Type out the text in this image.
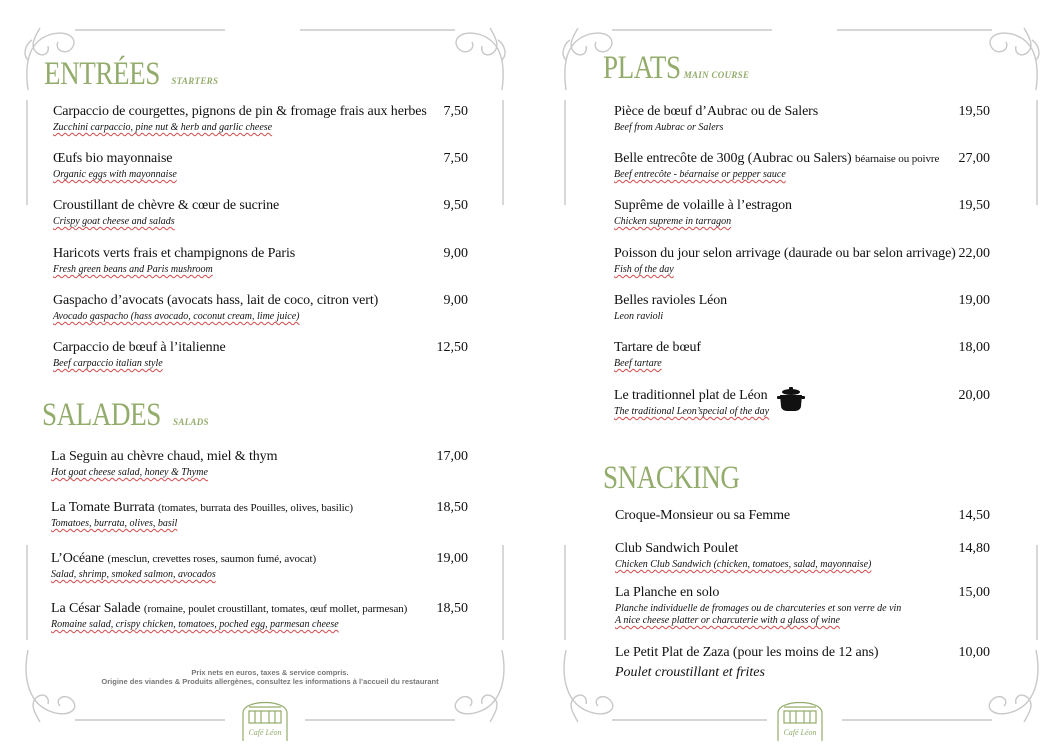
ENTRÉES STARTERS
Carpaccio de courgettes, pignons de pin & fromage frais aux herbes
Zucchini carpaccio, pine nut & herb and garlic cheese
7,50
Œufs bio mayonnaise
Organic eggs with mayonnaise
7,50
Croustillant de chèvre & cœur de sucrine
Crispy goat cheese and salads
9,50
Haricots verts frais et champignons de Paris
Fresh green beans and Paris mushroom
9,00
Gaspacho d’avocats (avocats hass, lait de coco, citron vert)
Avocado gaspacho (hass avocado, coconut cream, lime juice)
9,00
Carpaccio de bœuf à l’italienne
Beef carpaccio italian style
12,50
SALADES SALADS
La Seguin au chèvre chaud, miel & thym
Hot goat cheese salad, honey & Thyme
17,00
La Tomate Burrata (tomates, burrata des Pouilles, olives, basilic)
Tomatoes, burrata, olives, basil
18,50
L’Océane (mesclun, crevettes roses, saumon fumé, avocat)
Salad, shrimp, smoked salmon, avocados
19,00
La César Salade (romaine, poulet croustillant, tomates, œuf mollet, parmesan)
Romaine salad, crispy chicken, tomatoes, poched egg, parmesan cheese
18,50
Prix nets en euros, taxes & service compris.
Origine des viandes & Produits allergènes, consultez les informations à l’accueil du restaurant
Café Léon
PLATS MAIN COURSE
Pièce de bœuf d’Aubrac ou de Salers
Beef from Aubrac or Salers
19,50
Belle entrecôte de 300g (Aubrac ou Salers) béarnaise ou poivre
Beef entrecôte - béarnaise or pepper sauce
27,00
Suprême de volaille à l’estragon
Chicken supreme in tarragon
19,50
Poisson du jour selon arrivage (daurade ou bar selon arrivage)
Fish of the day
22,00
Belles ravioles Léon
Leon ravioli
19,00
Tartare de bœuf
Beef tartare
18,00
Le traditionnel plat de Léon
The traditional Leon’special of the day
20,00
SNACKING
Croque-Monsieur ou sa Femme	14,50
Club Sandwich Poulet
Chicken Club Sandwich (chicken, tomatoes, salad, mayonnaise)
14,80
La Planche en solo
Planche individuelle de fromages ou de charcuteries et son verre de vin
A nice cheese platter or charcuterie with a glass of wine
15,00
Le Petit Plat de Zaza (pour les moins de 12 ans)
Poulet croustillant et frites
10,00
Café Léon
